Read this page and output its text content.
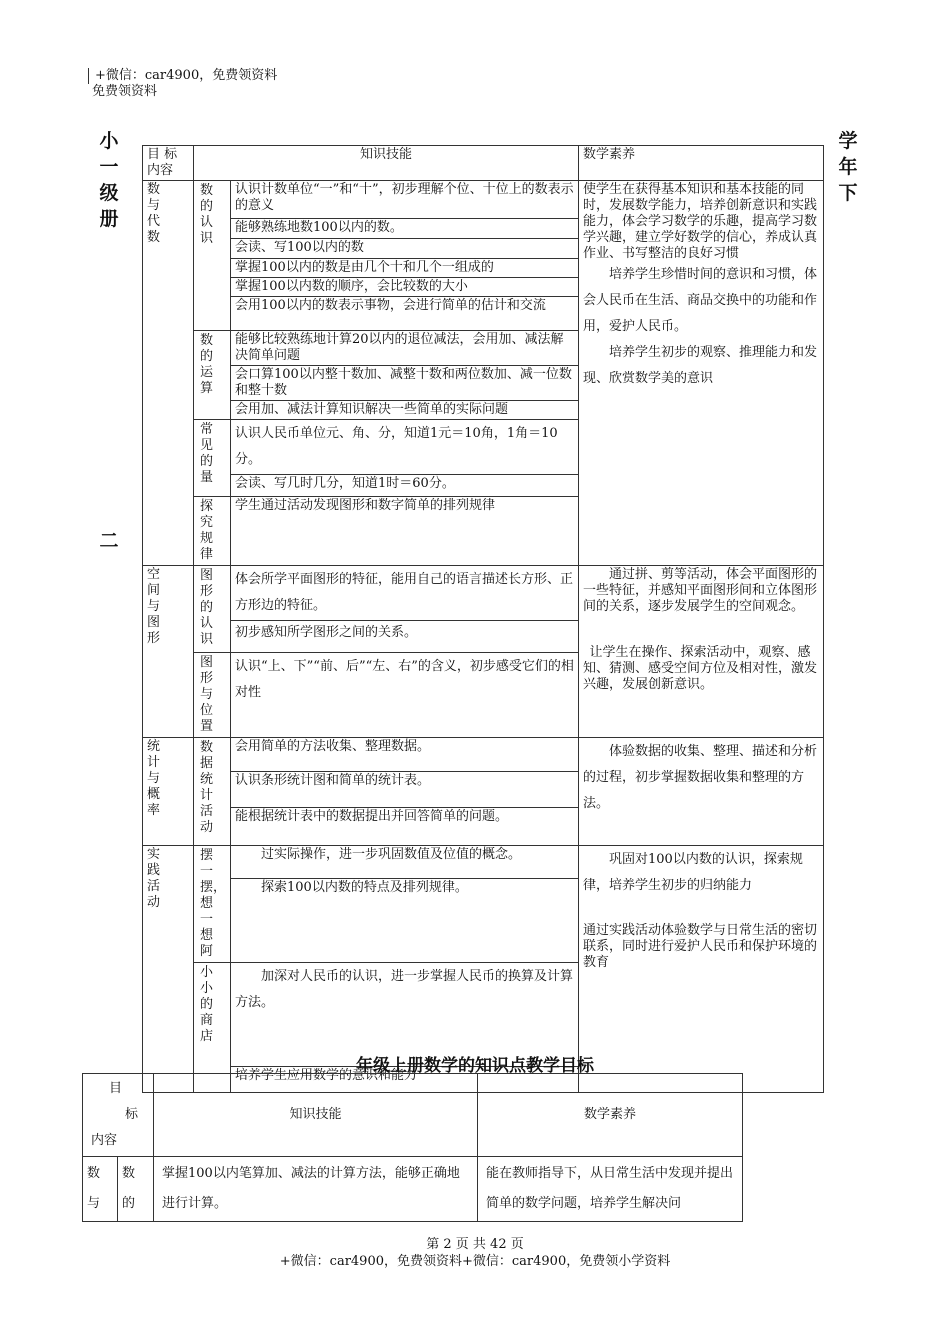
+微信：car4900，免费领资料
免费领资料
小一级册
二
学年下
目 标 内容	知识技能		数学素养

数与代数	数的认识	认识计数单位“一”和“十”，初步理解个位、十位上的数表示的意义	使学生在获得基本知识和基本技能的同时，发展数学能力，培养创新意识和实践能力，体会学习数学的乐趣，提高学习数学兴趣，建立学好数学的信心，养成认真作业、书写整洁的良好习惯
培养学生珍惜时间的意识和习惯，体会人民币在生活、商品交换中的功能和作用，爱护人民币。
培养学生初步的观察、推理能力和发现、欣赏数学美的意识

		能够熟练地数100以内的数。	
		会读、写100以内的数	
		掌握100以内的数是由几个十和几个一组成的	
		掌握100以内数的顺序，会比较数的大小	
		会用100以内的数表示事物，会进行简单的估计和交流	

	数的运算	能够比较熟练地计算20以内的退位减法，会用加、减法解决简单问题	
		会口算100以内整十数加、减整十数和两位数加、减一位数和整十数	
		会用加、减法计算知识解决一些简单的实际问题	

	常见的量	认识人民币单位元、角、分，知道1元＝10角，1角＝10分。	
		会读、写几时几分，知道1时＝60分。	

	探究规律	学生通过活动发现图形和数字简单的排列规律	

空间与图形	图形的认识	体会所学平面图形的特征，能用自己的语言描述长方形、正方形边的特征。	通过拼、剪等活动，体会平面图形的一些特征，并感知平面图形间和立体图形间的关系，逐步发展学生的空间观念。
让学生在操作、探索活动中，观察、感知、猜测、感受空间方位及相对性，激发兴趣，发展创新意识。

		初步感知所学图形之间的关系。	

	图形与位置	认识“上、下”“前、后”“左、右”的含义，初步感受它们的相对性	

统计与概率	数据统计活动	会用简单的方法收集、整理数据。	体验数据的收集、整理、描述和分析的过程，初步掌握数据收集和整理的方法。

		认识条形统计图和简单的统计表。	
		能根据统计表中的数据提出并回答简单的问题。	

实践活动	摆一摆，想一想阿	过实际操作，进一步巩固数值及位值的概念。	巩固对100以内数的认识，探索规律，培养学生初步的归纳能力
通过实践活动体验数学与日常生活的密切联系，同时进行爱护人民币和保护环境的教育

		探索100以内数的特点及排列规律。	

	小小的商店	加深对人民币的认识，进一步掌握人民币的换算及计算方法。	
		培养学生应用数学的意识和能力	
年级上册数学的知识点教学目标
目
标
内容		知识技能	数学素养

数与	数的	掌握100以内笔算加、减法的计算方法，能够正确地进行计算。	能在教师指导下，从日常生活中发现并提出简单的数学问题，培养学生解决问
第 2 页 共 42 页
+微信：car4900，免费领资料+微信：car4900，免费领小学资料
